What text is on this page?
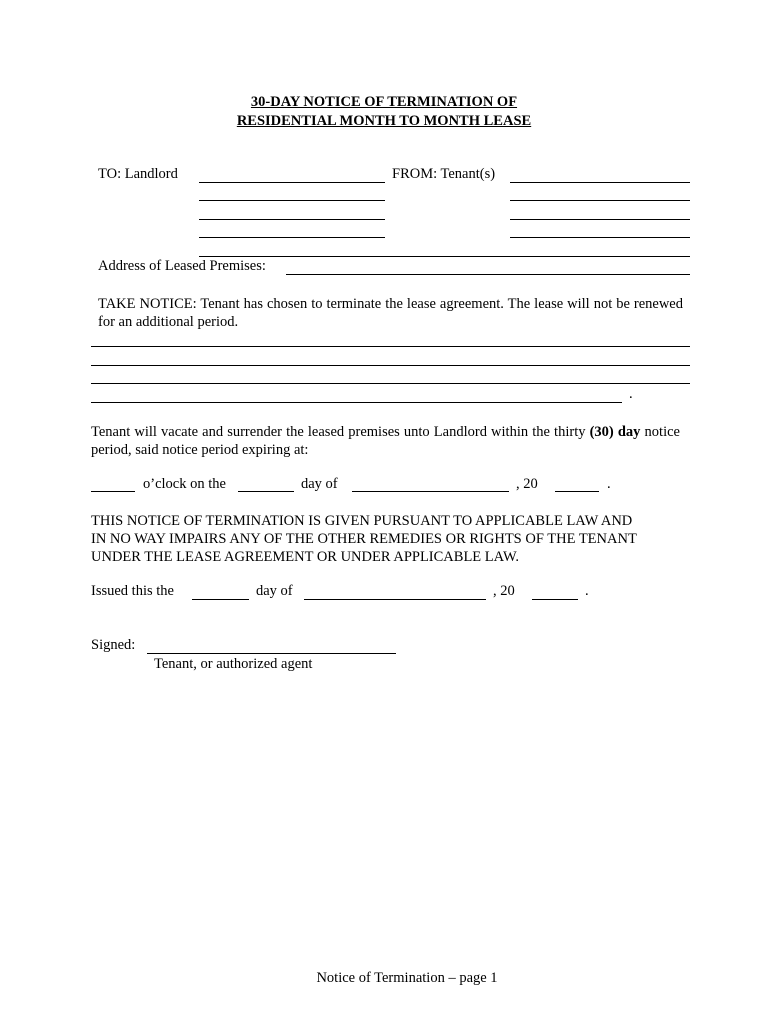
30-DAY NOTICE OF TERMINATION OF
RESIDENTIAL MONTH TO MONTH LEASE
TO: Landlord	FROM: Tenant(s)
Address of Leased Premises:
TAKE NOTICE: Tenant has chosen to terminate the lease agreement. The lease will not be renewed for an additional period.
.
Tenant will vacate and surrender the leased premises unto Landlord within the thirty (30) day notice period, said notice period expiring at:
o’clock on the	day of	, 20	.
THIS NOTICE OF TERMINATION IS GIVEN PURSUANT TO APPLICABLE LAW AND
IN NO WAY IMPAIRS ANY OF THE OTHER REMEDIES OR RIGHTS OF THE TENANT
UNDER THE LEASE AGREEMENT OR UNDER APPLICABLE LAW.
Issued this the	day of	, 20	.
Signed:
Tenant, or authorized agent
Notice of Termination – page 1
